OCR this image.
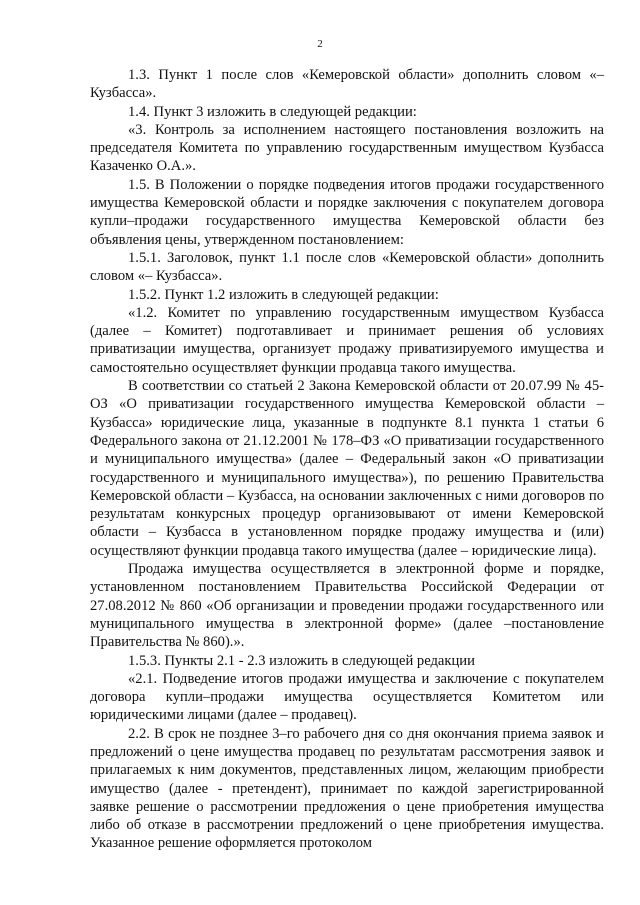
2

1.3. Пункт 1 после слов «Кемеровской области» дополнить словом «– Кузбасса».

1.4. Пункт 3 изложить в следующей редакции:

«3. Контроль за исполнением настоящего постановления возложить на председателя Комитета по управлению государственным имуществом Кузбасса Казаченко О.А.».

1.5. В Положении о порядке подведения итогов продажи государственного имущества Кемеровской области и порядке заключения с покупателем договора купли–продажи государственного имущества Кемеровской области без объявления цены, утвержденном постановлением:

1.5.1. Заголовок, пункт 1.1 после слов «Кемеровской области» дополнить словом «– Кузбасса».

1.5.2. Пункт 1.2 изложить в следующей редакции:

«1.2. Комитет по управлению государственным имуществом Кузбасса (далее – Комитет) подготавливает и принимает решения об условиях приватизации имущества, организует продажу приватизируемого имущества и самостоятельно осуществляет функции продавца такого имущества.

В соответствии со статьей 2 Закона Кемеровской области от 20.07.99 № 45-ОЗ «О приватизации государственного имущества Кемеровской области – Кузбасса» юридические лица, указанные в подпункте 8.1 пункта 1 статьи 6 Федерального закона от 21.12.2001 № 178–ФЗ «О приватизации государственного и муниципального имущества» (далее – Федеральный закон «О приватизации государственного и муниципального имущества»), по решению Правительства Кемеровской области – Кузбасса, на основании заключенных с ними договоров по результатам конкурсных процедур организовывают от имени Кемеровской области – Кузбасса в установленном порядке продажу имущества и (или) осуществляют функции продавца такого имущества (далее – юридические лица).

Продажа имущества осуществляется в электронной форме и порядке, установленном постановлением Правительства Российской Федерации от 27.08.2012 № 860 «Об организации и проведении продажи государственного или муниципального имущества в электронной форме» (далее –постановление Правительства № 860).».

1.5.3. Пункты 2.1 - 2.3 изложить в следующей редакции

«2.1. Подведение итогов продажи имущества и заключение с покупателем договора купли–продажи имущества осуществляется Комитетом или юридическими лицами (далее – продавец).

2.2. В срок не позднее 3–го рабочего дня со дня окончания приема заявок и предложений о цене имущества продавец по результатам рассмотрения заявок и прилагаемых к ним документов, представленных лицом, желающим приобрести имущество (далее - претендент), принимает по каждой зарегистрированной заявке решение о рассмотрении предложения о цене приобретения имущества либо об отказе в рассмотрении предложений о цене приобретения имущества. Указанное решение оформляется протоколом
